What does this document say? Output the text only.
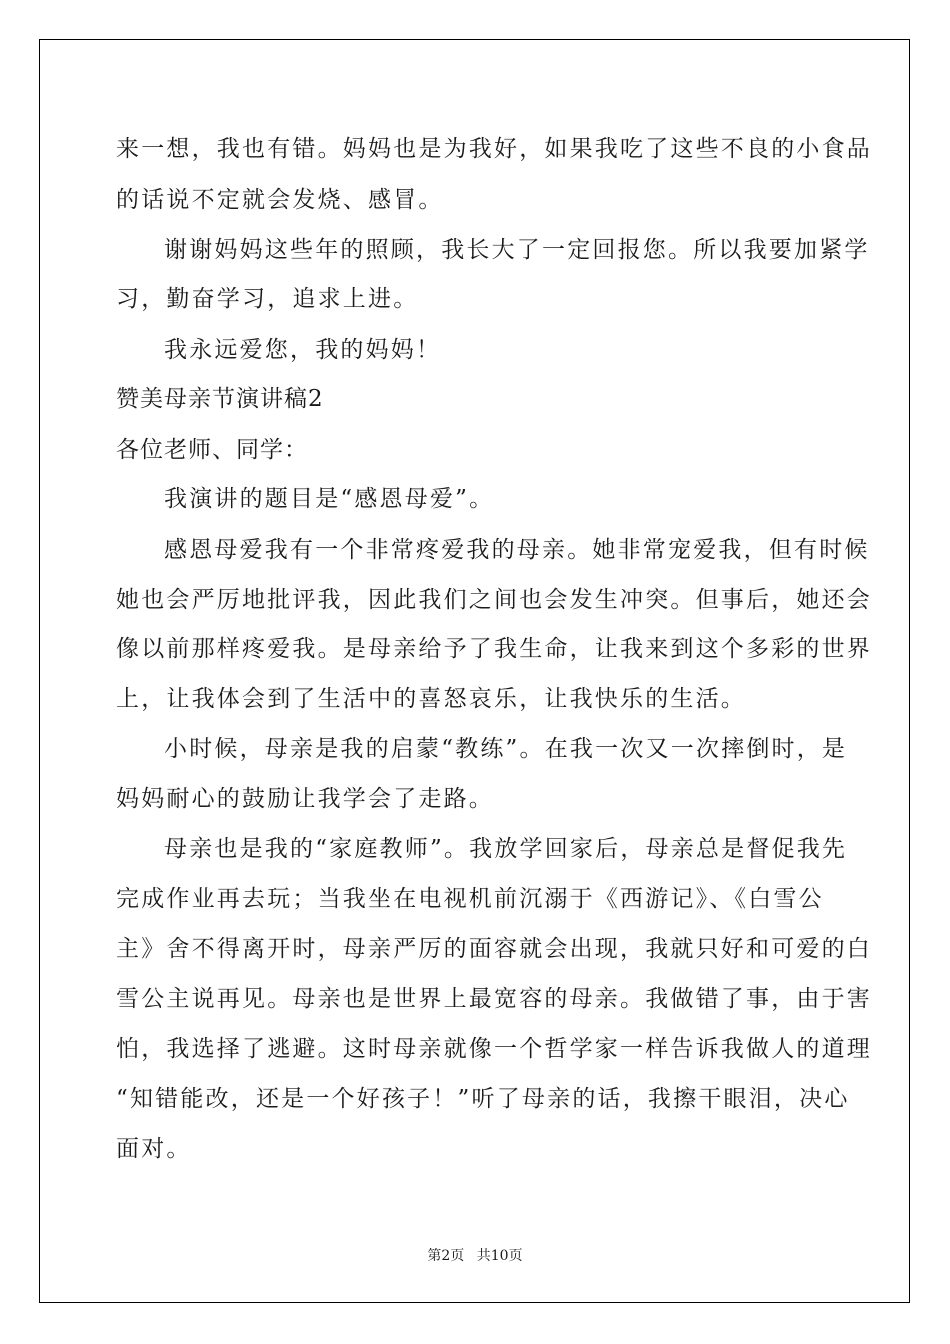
来一想，我也有错。妈妈也是为我好，如果我吃了这些不良的小食品

的话说不定就会发烧、感冒。

谢谢妈妈这些年的照顾，我长大了一定回报您。所以我要加紧学

习，勤奋学习，追求上进。

我永远爱您，我的妈妈！

赞美母亲节演讲稿2

各位老师、同学：

我演讲的题目是“感恩母爱”。

感恩母爱我有一个非常疼爱我的母亲。她非常宠爱我，但有时候

她也会严厉地批评我，因此我们之间也会发生冲突。但事后，她还会

像以前那样疼爱我。是母亲给予了我生命，让我来到这个多彩的世界

上，让我体会到了生活中的喜怒哀乐，让我快乐的生活。

小时候，母亲是我的启蒙“教练”。在我一次又一次摔倒时，是

妈妈耐心的鼓励让我学会了走路。

母亲也是我的“家庭教师”。我放学回家后，母亲总是督促我先

完成作业再去玩；当我坐在电视机前沉溺于《西游记》、《白雪公

主》舍不得离开时，母亲严厉的面容就会出现，我就只好和可爱的白

雪公主说再见。母亲也是世界上最宽容的母亲。我做错了事，由于害

怕，我选择了逃避。这时母亲就像一个哲学家一样告诉我做人的道理

“知错能改，还是一个好孩子！”听了母亲的话，我擦干眼泪，决心

面对。

第2页 共10页
